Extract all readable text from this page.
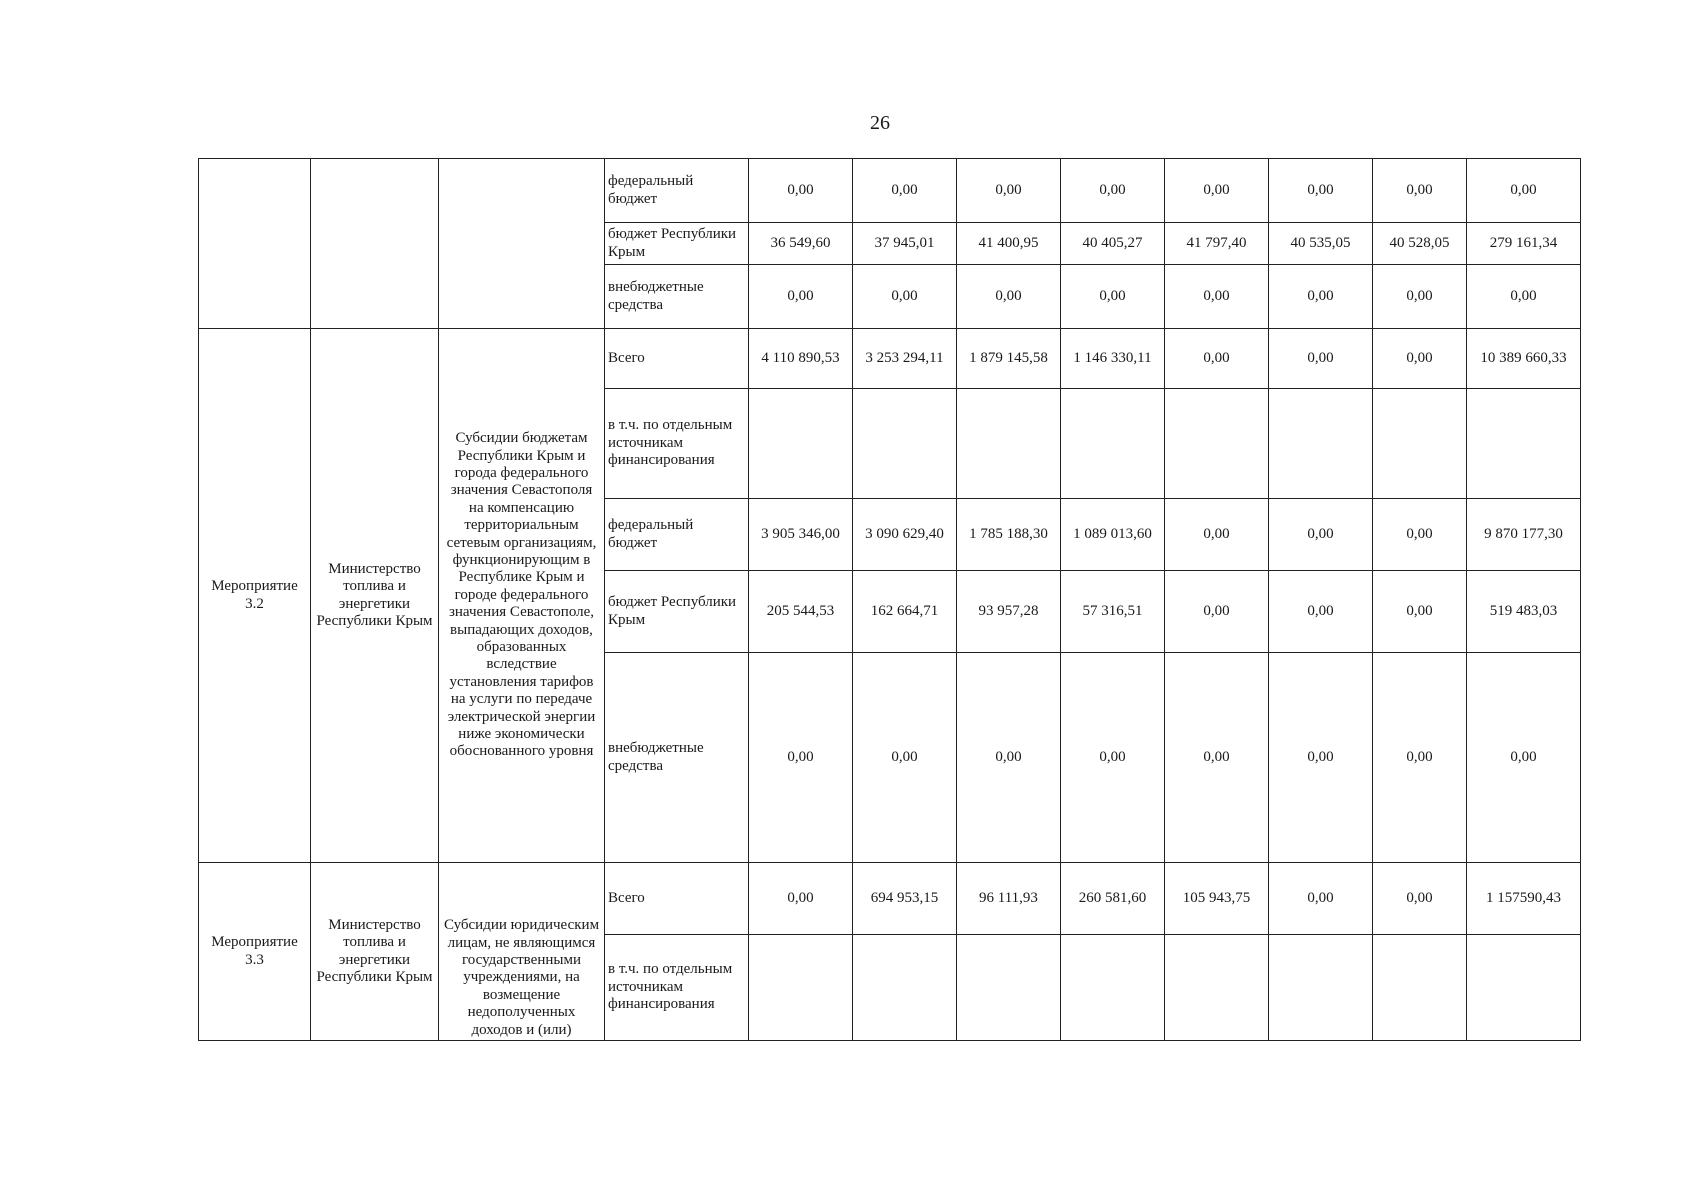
26
			федеральный бюджет	0,00	0,00	0,00	0,00	0,00	0,00	0,00	0,00
			бюджет Республики Крым	36 549,60	37 945,01	41 400,95	40 405,27	41 797,40	40 535,05	40 528,05	279 161,34
			внебюджетные средства	0,00	0,00	0,00	0,00	0,00	0,00	0,00	0,00
Мероприятие 3.2	Министерство топлива и энергетики Республики Крым	Субсидии бюджетам Республики Крым и города федерального значения Севастополя на компенсацию территориальным сетевым организациям, функционирующим в Республике Крым и городе федерального значения Севастополе, выпадающих доходов, образованных вследствие установления тарифов на услуги по передаче электрической энергии ниже экономически обоснованного уровня	Всего	4 110 890,53	3 253 294,11	1 879 145,58	1 146 330,11	0,00	0,00	0,00	10 389 660,33
			в т.ч. по отдельным источникам финансирования								
			федеральный бюджет	3 905 346,00	3 090 629,40	1 785 188,30	1 089 013,60	0,00	0,00	0,00	9 870 177,30
			бюджет Республики Крым	205 544,53	162 664,71	93 957,28	57 316,51	0,00	0,00	0,00	519 483,03
			внебюджетные средства	0,00	0,00	0,00	0,00	0,00	0,00	0,00	0,00
Мероприятие 3.3	Министерство топлива и энергетики Республики Крым	Субсидии юридическим лицам, не являющимся государственными учреждениями, на возмещение недополученных доходов и (или)	Всего	0,00	694 953,15	96 111,93	260 581,60	105 943,75	0,00	0,00	1 157590,43
			в т.ч. по отдельным источникам финансирования								
